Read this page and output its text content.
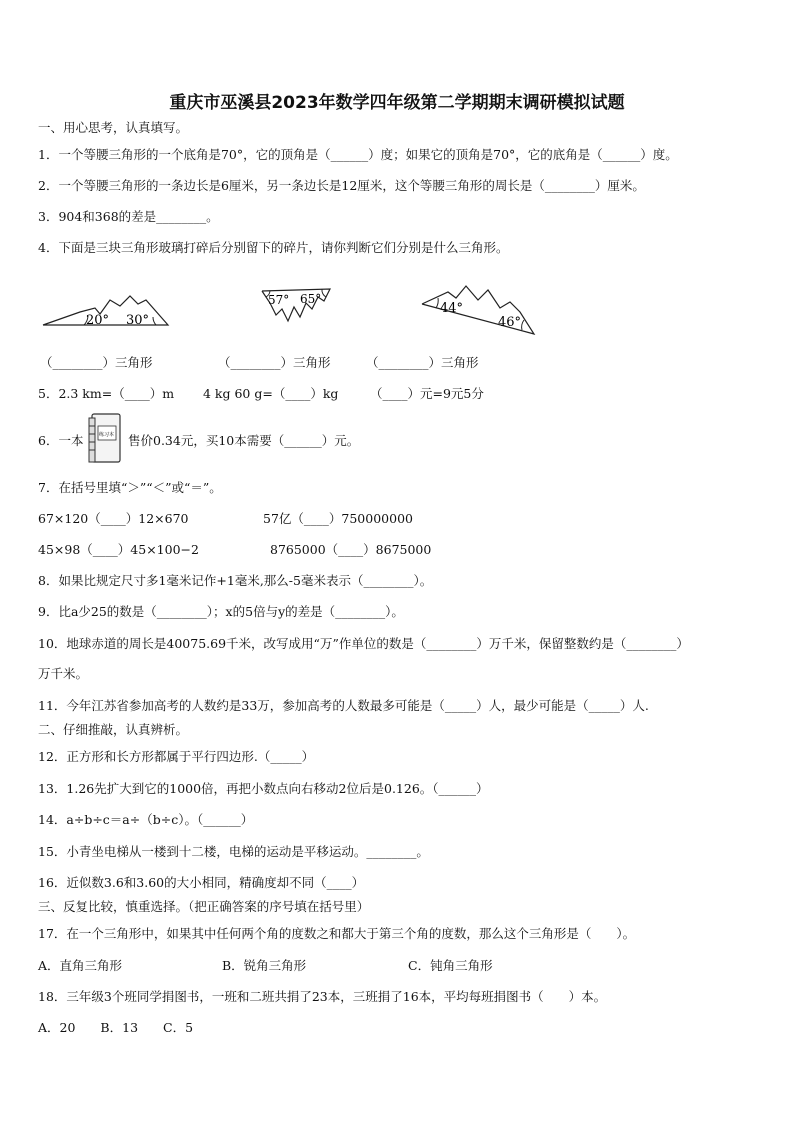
重庆市巫溪县2023年数学四年级第二学期期末调研模拟试题
一、用心思考，认真填写。
1．一个等腰三角形的一个底角是70°，它的顶角是（______）度；如果它的顶角是70°，它的底角是（______）度。
2．一个等腰三角形的一条边长是6厘米，另一条边长是12厘米，这个等腰三角形的周长是（________）厘米。
3．904和368的差是________。
4．下面是三块三角形玻璃打碎后分别留下的碎片，请你判断它们分别是什么三角形。
20° 30°
57° 65°
44°
46°
（________）三角形	（________）三角形	（________）三角形
5．2.3 km=（____）m 4 kg 60 g=（____）kg	（____）元=9元5分
6．一本	练习本 售价0.34元，买10本需要（______）元。
7．在括号里填“＞”“＜”或“＝”。
67×120（____）12×670	57亿（____）750000000
45×98（____）45×100−2	8765000（____）8675000
8．如果比规定尺寸多1毫米记作+1毫米,那么-5毫米表示（________）。
9．比a少25的数是（________）；x的5倍与y的差是（________）。
10．地球赤道的周长是40075.69千米，改写成用“万”作单位的数是（________）万千米，保留整数约是（________）
万千米。
11．今年江苏省参加高考的人数约是33万，参加高考的人数最多可能是（_____）人，最少可能是（_____）人.
二、仔细推敲，认真辨析。
12．正方形和长方形都属于平行四边形.（_____）
13．1.26先扩大到它的1000倍，再把小数点向右移动2位后是0.126。（______）
14．a÷b÷c＝a÷（b÷c）。（______）
15．小青坐电梯从一楼到十二楼，电梯的运动是平移运动。________。
16．近似数3.6和3.60的大小相同，精确度却不同（____）
三、反复比较，慎重选择。（把正确答案的序号填在括号里）
17．在一个三角形中，如果其中任何两个角的度数之和都大于第三个角的度数，那么这个三角形是（　　）。
A．直角三角形	B．锐角三角形	C．钝角三角形
18．三年级3个班同学捐图书，一班和二班共捐了23本，三班捐了16本，平均每班捐图书（　　）本。
A．20　　B．13　　C．5
